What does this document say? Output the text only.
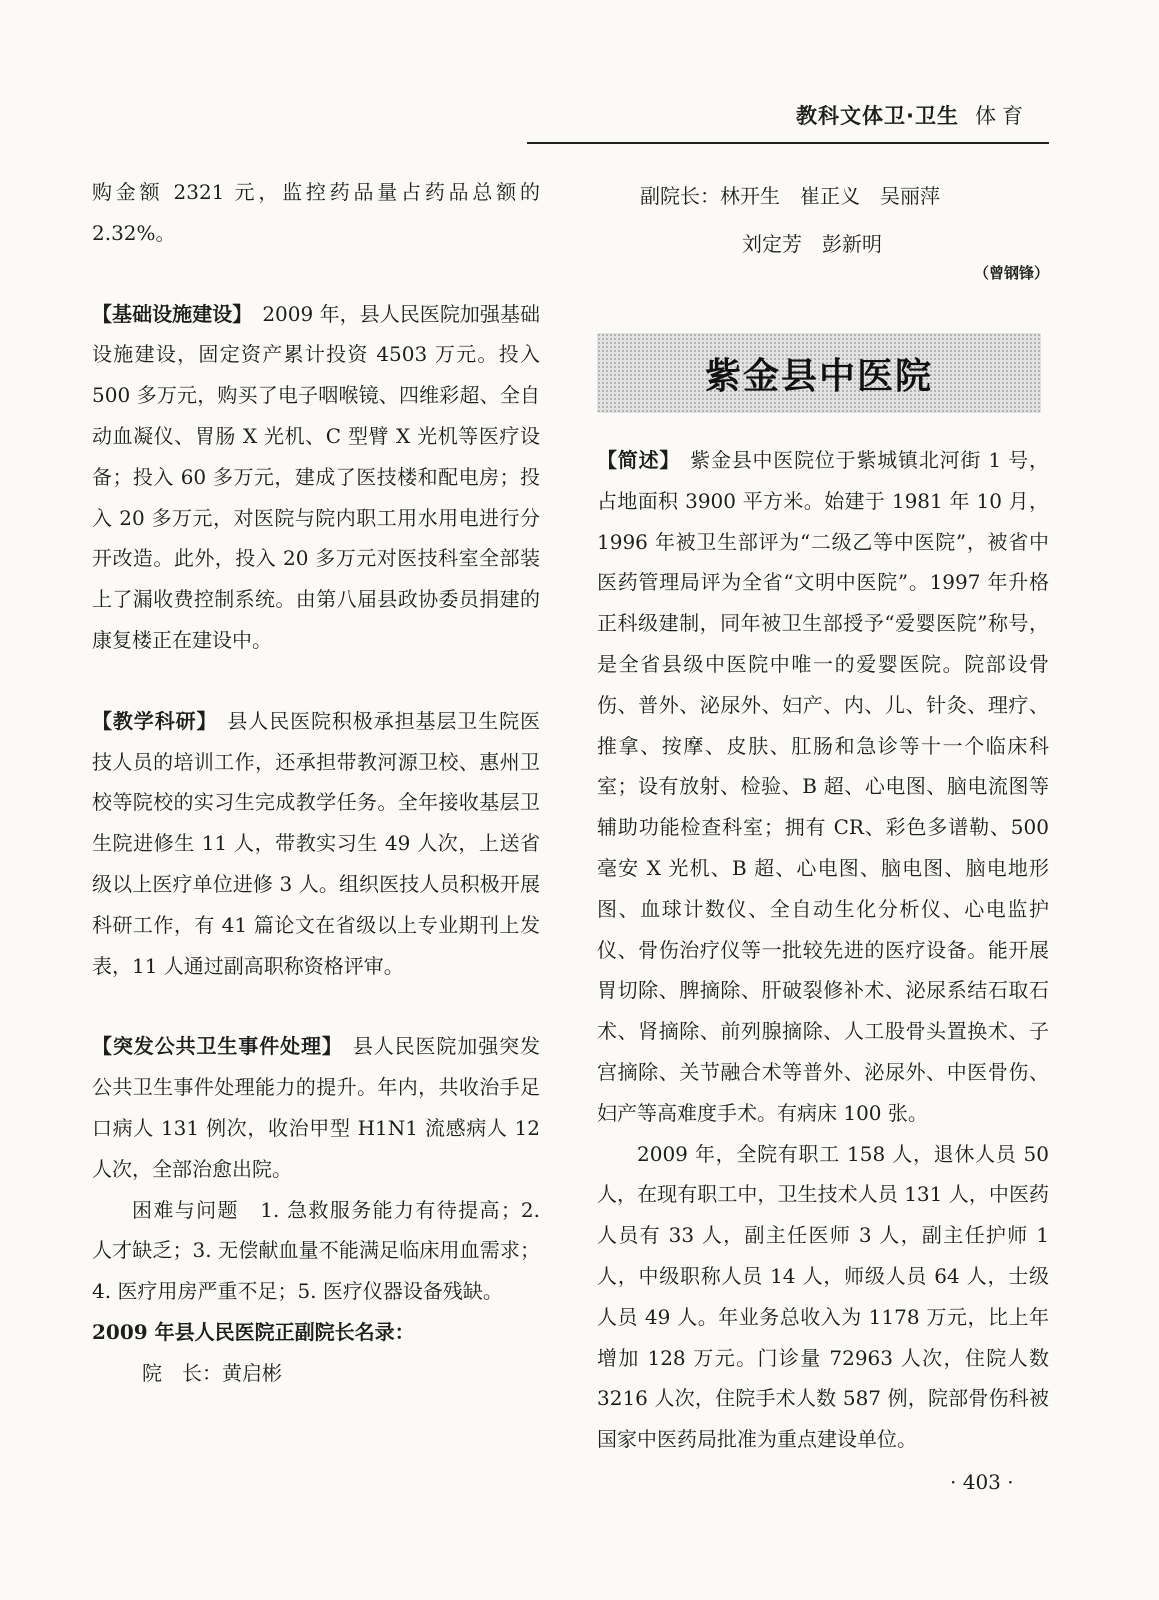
教科文体卫·卫生 体育

购金额 2321 元，监控药品量占药品总额的 2.32%。

【基础设施建设】 2009 年，县人民医院加强基础设施建设，固定资产累计投资 4503 万元。投入 500 多万元，购买了电子咽喉镜、四维彩超、全自动血凝仪、胃肠 X 光机、C 型臂 X 光机等医疗设备；投入 60 多万元，建成了医技楼和配电房；投入 20 多万元，对医院与院内职工用水用电进行分开改造。此外，投入 20 多万元对医技科室全部装上了漏收费控制系统。由第八届县政协委员捐建的康复楼正在建设中。

【教学科研】 县人民医院积极承担基层卫生院医技人员的培训工作，还承担带教河源卫校、惠州卫校等院校的实习生完成教学任务。全年接收基层卫生院进修生 11 人，带教实习生 49 人次，上送省级以上医疗单位进修 3 人。组织医技人员积极开展科研工作，有 41 篇论文在省级以上专业期刊上发表，11 人通过副高职称资格评审。

【突发公共卫生事件处理】 县人民医院加强突发公共卫生事件处理能力的提升。年内，共收治手足口病人 131 例次，收治甲型 H1N1 流感病人 12 人次，全部治愈出院。

困难与问题　1. 急救服务能力有待提高；2. 人才缺乏；3. 无偿献血量不能满足临床用血需求；4. 医疗用房严重不足；5. 医疗仪器设备残缺。

2009 年县人民医院正副院长名录：

院　长：黄启彬

副院长：林开生　崔正义　吴丽萍

刘定芳　彭新明

（曾钢锋）
紫金县中医院

【简述】 紫金县中医院位于紫城镇北河街 1 号，占地面积 3900 平方米。始建于 1981 年 10 月，1996 年被卫生部评为“二级乙等中医院”，被省中医药管理局评为全省“文明中医院”。1997 年升格正科级建制，同年被卫生部授予“爱婴医院”称号，是全省县级中医院中唯一的爱婴医院。院部设骨伤、普外、泌尿外、妇产、内、儿、针灸、理疗、推拿、按摩、皮肤、肛肠和急诊等十一个临床科室；设有放射、检验、B 超、心电图、脑电流图等辅助功能检查科室；拥有 CR、彩色多谱勒、500 毫安 X 光机、B 超、心电图、脑电图、脑电地形图、血球计数仪、全自动生化分析仪、心电监护仪、骨伤治疗仪等一批较先进的医疗设备。能开展胃切除、脾摘除、肝破裂修补术、泌尿系结石取石术、肾摘除、前列腺摘除、人工股骨头置换术、子宫摘除、关节融合术等普外、泌尿外、中医骨伤、妇产等高难度手术。有病床 100 张。

2009 年，全院有职工 158 人，退休人员 50 人，在现有职工中，卫生技术人员 131 人，中医药人员有 33 人，副主任医师 3 人，副主任护师 1 人，中级职称人员 14 人，师级人员 64 人，士级人员 49 人。年业务总收入为 1178 万元，比上年增加 128 万元。门诊量 72963 人次，住院人数 3216 人次，住院手术人数 587 例，院部骨伤科被国家中医药局批准为重点建设单位。

· 403 ·
